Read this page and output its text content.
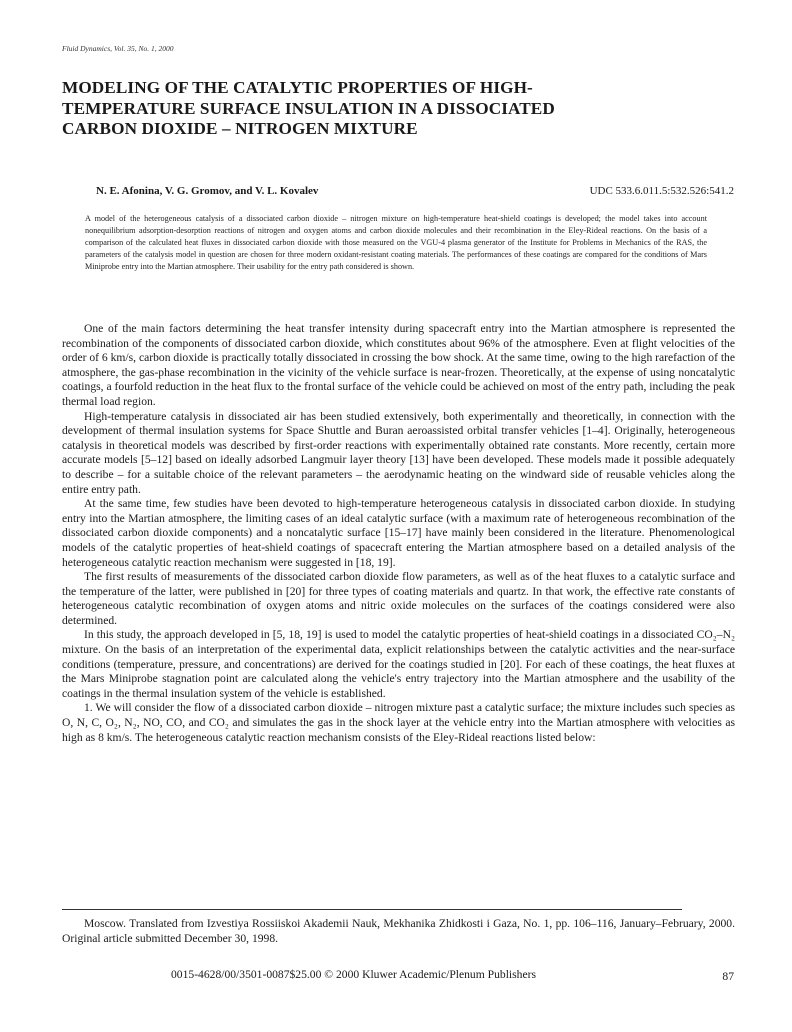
Fluid Dynamics, Vol. 35, No. 1, 2000
MODELING OF THE CATALYTIC PROPERTIES OF HIGH-TEMPERATURE SURFACE INSULATION IN A DISSOCIATED CARBON DIOXIDE – NITROGEN MIXTURE
N. E. Afonina, V. G. Gromov, and V. L. Kovalev	UDC 533.6.011.5:532.526:541.2

A model of the heterogeneous catalysis of a dissociated carbon dioxide – nitrogen mixture on high-temperature heat-shield coatings is developed; the model takes into account nonequilibrium adsorption-desorption reactions of nitrogen and oxygen atoms and carbon dioxide molecules and their recombination in the Eley-Rideal reactions. On the basis of a comparison of the calculated heat fluxes in dissociated carbon dioxide with those measured on the VGU-4 plasma generator of the Institute for Problems in Mechanics of the RAS, the parameters of the catalysis model in question are chosen for three modern oxidant-resistant coating materials. The performances of these coatings are compared for the conditions of Mars Miniprobe entry into the Martian atmosphere. Their usability for the entry path considered is shown.

One of the main factors determining the heat transfer intensity during spacecraft entry into the Martian atmosphere is represented the recombination of the components of dissociated carbon dioxide, which constitutes about 96% of the atmosphere. Even at flight velocities of the order of 6 km/s, carbon dioxide is practically totally dissociated in crossing the bow shock. At the same time, owing to the high rarefaction of the atmosphere, the gas-phase recombination in the vicinity of the vehicle surface is near-frozen. Theoretically, at the expense of using noncatalytic coatings, a fourfold reduction in the heat flux to the frontal surface of the vehicle could be achieved on most of the entry path, including the peak thermal load region.

High-temperature catalysis in dissociated air has been studied extensively, both experimentally and theoretically, in connection with the development of thermal insulation systems for Space Shuttle and Buran aeroassisted orbital transfer vehicles [1–4]. Originally, heterogeneous catalysis in theoretical models was described by first-order reactions with experimentally obtained rate constants. More recently, certain more accurate models [5–12] based on ideally adsorbed Langmuir layer theory [13] have been developed. These models made it possible adequately to describe – for a suitable choice of the relevant parameters – the aerodynamic heating on the windward side of reusable vehicles along the entire entry path.

At the same time, few studies have been devoted to high-temperature heterogeneous catalysis in dissociated carbon dioxide. In studying entry into the Martian atmosphere, the limiting cases of an ideal catalytic surface (with a maximum rate of heterogeneous recombination of the dissociated carbon dioxide components) and a noncatalytic surface [15–17] have mainly been considered in the literature. Phenomenological models of the catalytic properties of heat-shield coatings of spacecraft entering the Martian atmosphere based on a detailed analysis of the heterogeneous catalytic reaction mechanism were suggested in [18, 19].

The first results of measurements of the dissociated carbon dioxide flow parameters, as well as of the heat fluxes to a catalytic surface and the temperature of the latter, were published in [20] for three types of coating materials and quartz. In that work, the effective rate constants of heterogeneous catalytic recombination of oxygen atoms and nitric oxide molecules on the surfaces of the coatings considered were also determined.

In this study, the approach developed in [5, 18, 19] is used to model the catalytic properties of heat-shield coatings in a dissociated CO₂–N₂ mixture. On the basis of an interpretation of the experimental data, explicit relationships between the catalytic activities and the near-surface conditions (temperature, pressure, and concentrations) are derived for the coatings studied in [20]. For each of these coatings, the heat fluxes at the Mars Miniprobe stagnation point are calculated along the vehicle's entry trajectory into the Martian atmosphere and the usability of the coatings in the thermal insulation system of the vehicle is established.

1. We will consider the flow of a dissociated carbon dioxide – nitrogen mixture past a catalytic surface; the mixture includes such species as O, N, C, O₂, N₂, NO, CO, and CO₂ and simulates the gas in the shock layer at the vehicle entry into the Martian atmosphere with velocities as high as 8 km/s. The heterogeneous catalytic reaction mechanism consists of the Eley-Rideal reactions listed below:

Moscow. Translated from Izvestiya Rossiiskoi Akademii Nauk, Mekhanika Zhidkosti i Gaza, No. 1, pp. 106–116, January–February, 2000. Original article submitted December 30, 1998.

0015-4628/00/3501-0087$25.00 © 2000 Kluwer Academic/Plenum Publishers	87
